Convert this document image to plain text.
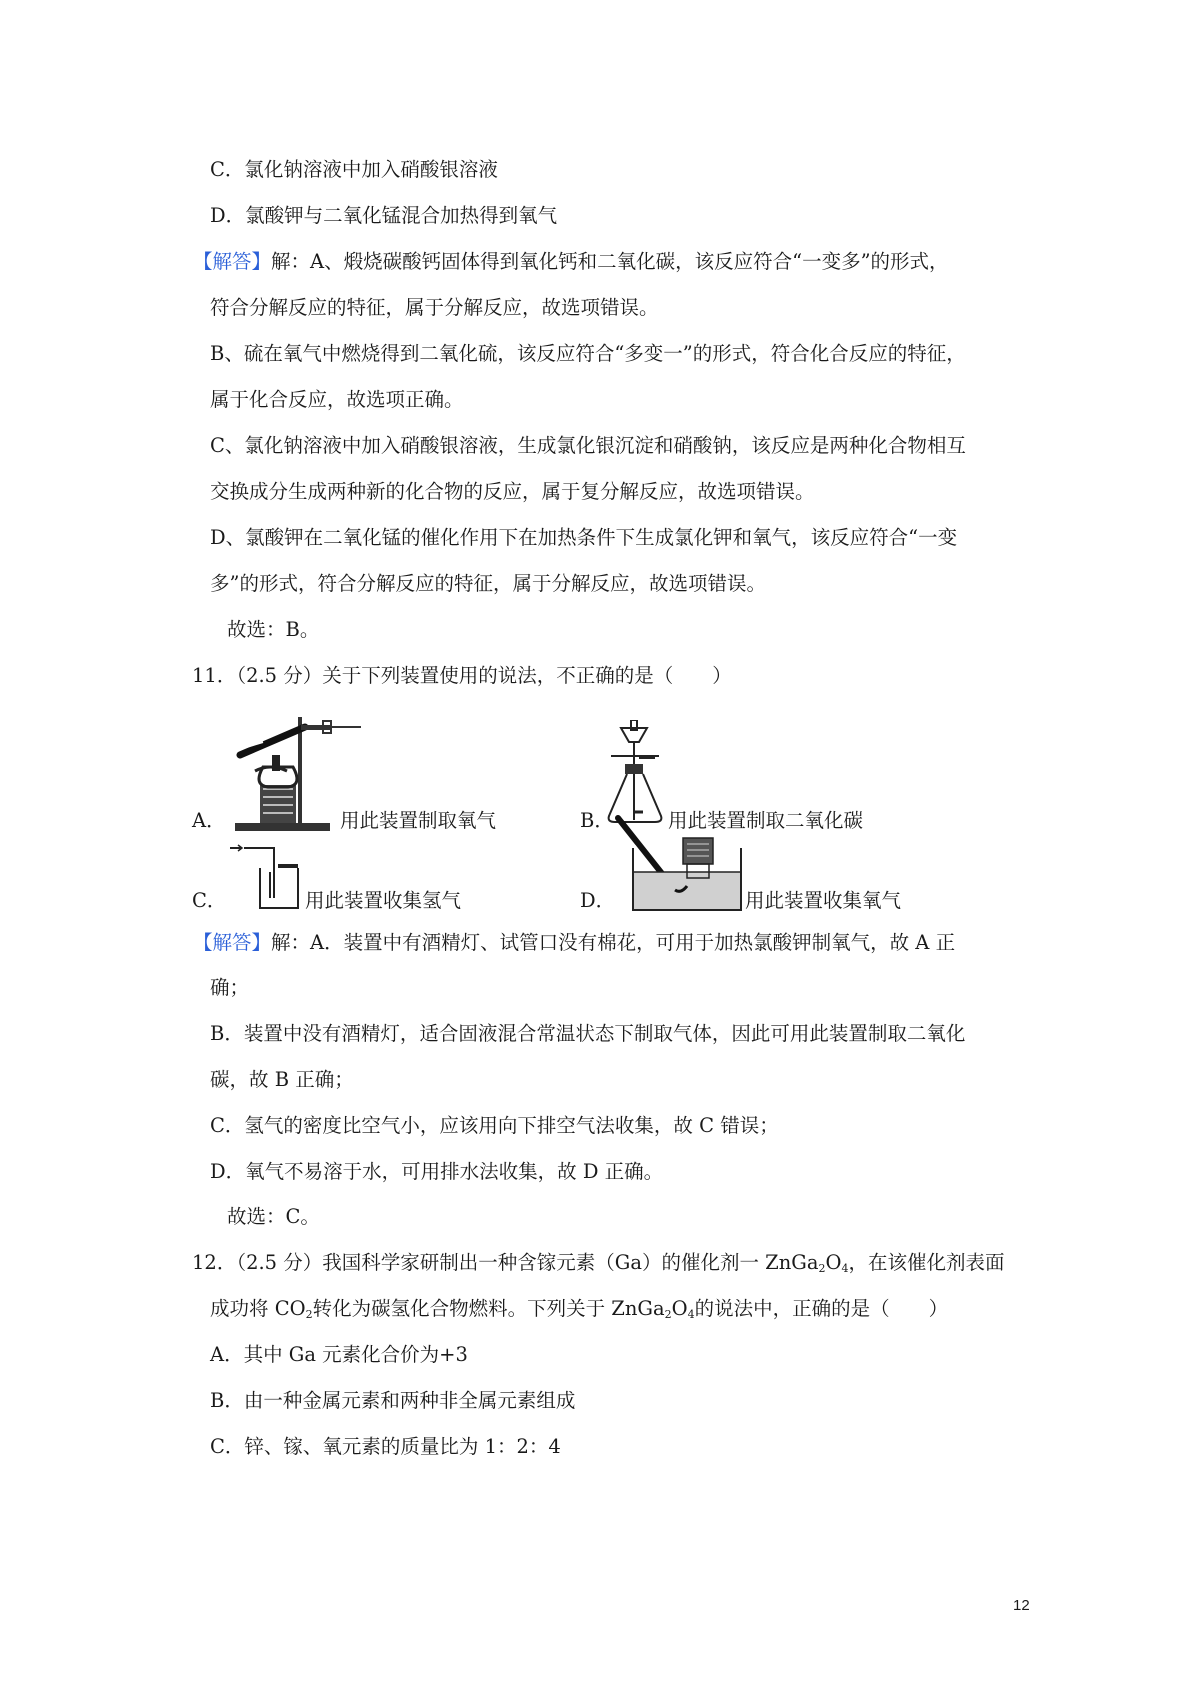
C．氯化钠溶液中加入硝酸银溶液
D．氯酸钾与二氧化锰混合加热得到氧气
【解答】解：A、煅烧碳酸钙固体得到氧化钙和二氧化碳，该反应符合“一变多”的形式，
符合分解反应的特征，属于分解反应，故选项错误。
B、硫在氧气中燃烧得到二氧化硫，该反应符合“多变一”的形式，符合化合反应的特征，
属于化合反应，故选项正确。
C、氯化钠溶液中加入硝酸银溶液，生成氯化银沉淀和硝酸钠，该反应是两种化合物相互
交换成分生成两种新的化合物的反应，属于复分解反应，故选项错误。
D、氯酸钾在二氧化锰的催化作用下在加热条件下生成氯化钾和氧气，该反应符合“一变
多”的形式，符合分解反应的特征，属于分解反应，故选项错误。
故选：B。
11．（2.5 分）关于下列装置使用的说法，不正确的是（　　）
A．	用此装置制取氧气	B．	用此装置制取二氧化碳
C．	用此装置收集氢气	D．	用此装置收集氧气
【解答】解：A．装置中有酒精灯、试管口没有棉花，可用于加热氯酸钾制氧气，故 A 正
确；
B．装置中没有酒精灯，适合固液混合常温状态下制取气体，因此可用此装置制取二氧化
碳，故 B 正确；
C．氢气的密度比空气小，应该用向下排空气法收集，故 C 错误；
D．氧气不易溶于水，可用排水法收集，故 D 正确。
故选：C。
12．（2.5 分）我国科学家研制出一种含镓元素（Ga）的催化剂一 $ZnGa_2O_4$，在该催化剂表面
成功将 $CO_2$转化为碳氢化合物燃料。下列关于 $ZnGa_2O_4$的说法中，正确的是（　　）
A．其中 Ga 元素化合价为+3
B．由一种金属元素和两种非全属元素组成
C．锌、镓、氧元素的质量比为 1：2：4
12
